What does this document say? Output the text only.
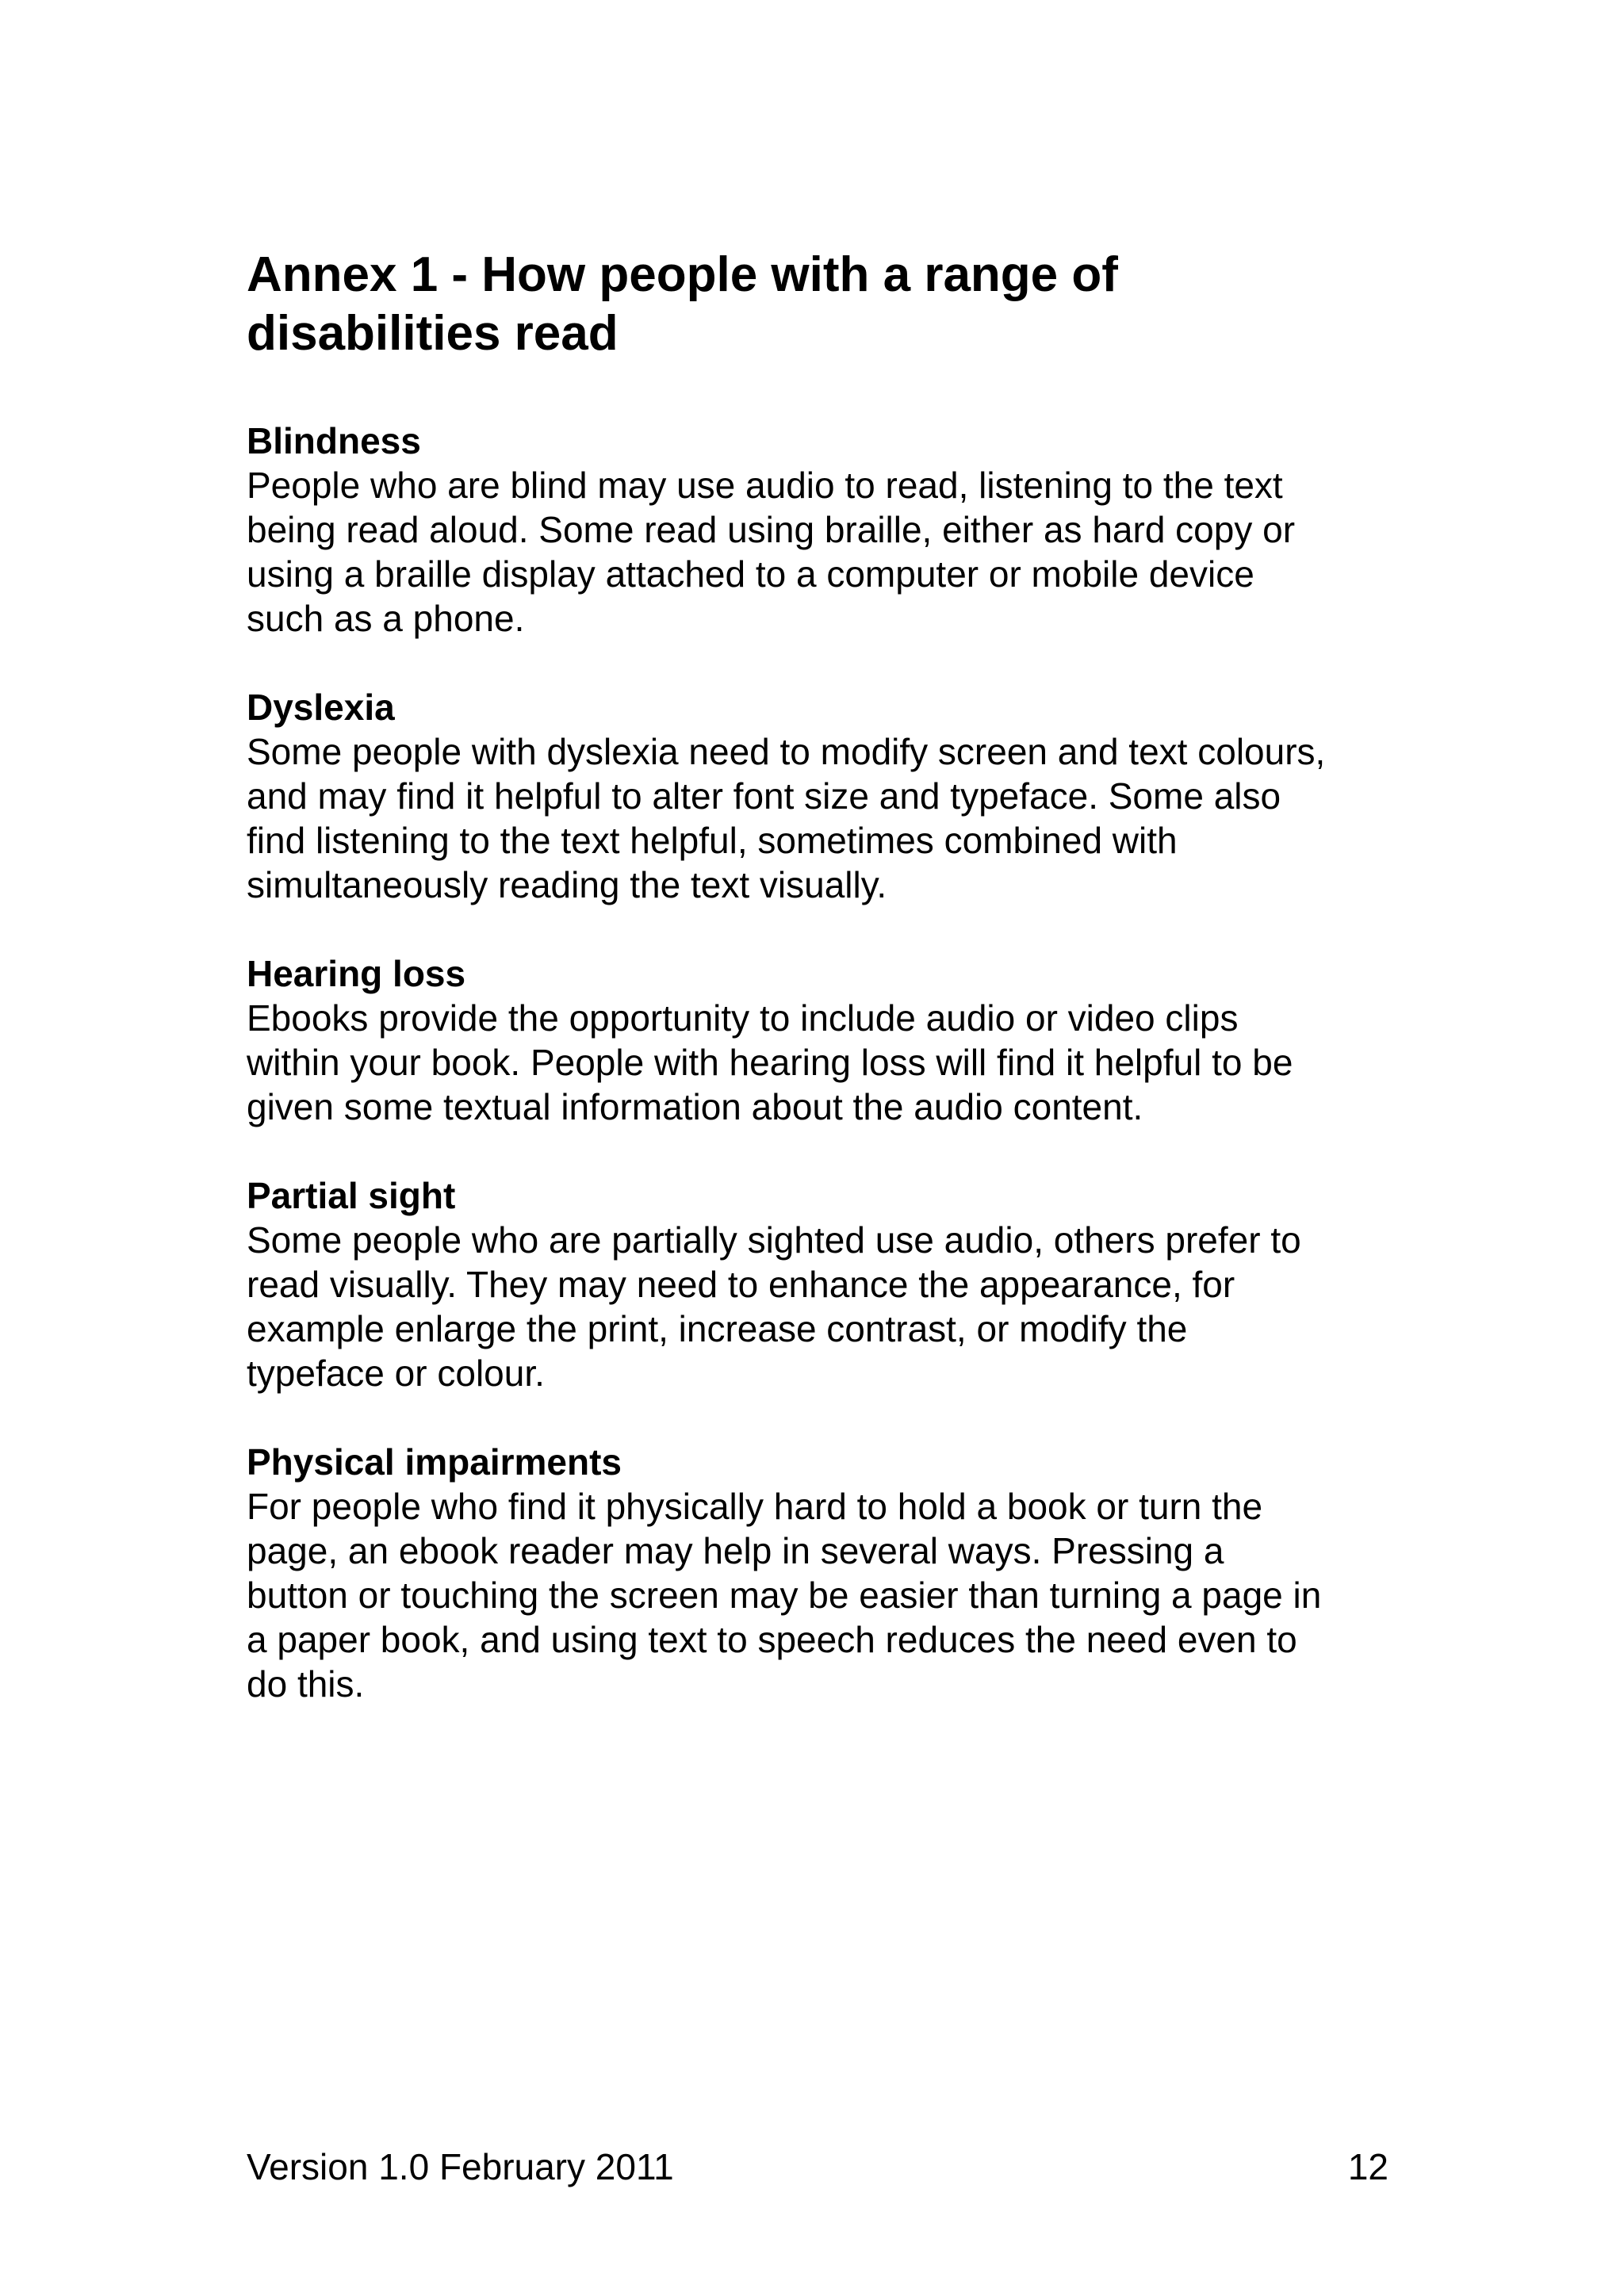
Annex 1 - How people with a range of disabilities read

Blindness

People who are blind may use audio to read, listening to the text
being read aloud. Some read using braille, either as hard copy or
using a braille display attached to a computer or mobile device
such as a phone.

Dyslexia

Some people with dyslexia need to modify screen and text colours,
and may find it helpful to alter font size and typeface. Some also
find listening to the text helpful, sometimes combined with
simultaneously reading the text visually.

Hearing loss

Ebooks provide the opportunity to include audio or video clips
within your book. People with hearing loss will find it helpful to be
given some textual information about the audio content.

Partial sight

Some people who are partially sighted use audio, others prefer to
read visually. They may need to enhance the appearance, for
example enlarge the print, increase contrast, or modify the
typeface or colour.

Physical impairments

For people who find it physically hard to hold a book or turn the
page, an ebook reader may help in several ways. Pressing a
button or touching the screen may be easier than turning a page in
a paper book, and using text to speech reduces the need even to
do this.

Version 1.0 February 2011	12
